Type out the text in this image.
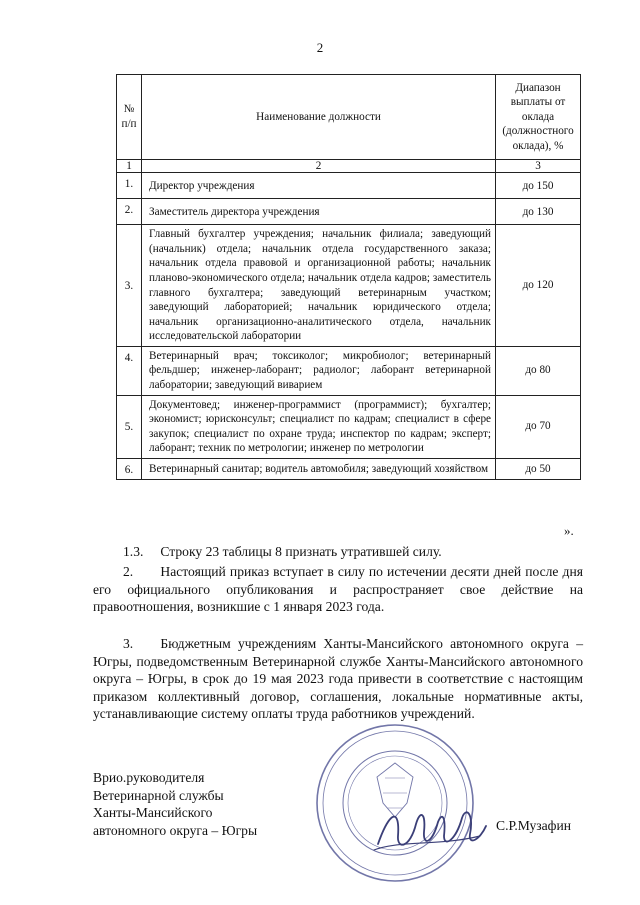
2
№ п/п	Наименование должности	Диапазон выплаты от оклада (должностного оклада), %
1	2	3
1.	Директор учреждения	до 150
2.	Заместитель директора учреждения	до 130
3.	Главный бухгалтер учреждения; начальник филиала; заведующий (начальник) отдела; начальник отдела государственного заказа; начальник отдела правовой и организационной работы; начальник планово-экономического отдела; начальник отдела кадров; заместитель главного бухгалтера; заведующий ветеринарным участком; заведующий лабораторией; начальник юридического отдела; начальник организационно-аналитического отдела, начальник исследовательской лаборатории	до 120
4.	Ветеринарный врач; токсиколог; микробиолог; ветеринарный фельдшер; инженер-лаборант; радиолог; лаборант ветеринарной лаборатории; заведующий виварием	до 80
5.	Документовед; инженер-программист (программист); бухгалтер; экономист; юрисконсульт; специалист по кадрам; специалист в сфере закупок; специалист по охране труда; инспектор по кадрам; эксперт; лаборант; техник по метрологии; инженер по метрологии	до 70
6.	Ветеринарный санитар; водитель автомобиля; заведующий хозяйством	до 50
».
1.3. Строку 23 таблицы 8 признать утратившей силу.
2.  Настоящий приказ вступает в силу по истечении десяти дней после дня его официального опубликования и распространяет свое действие на правоотношения, возникшие с 1 января 2023 года.
3.  Бюджетным учреждениям Ханты-Мансийского автономного округа – Югры, подведомственным Ветеринарной службе Ханты-Мансийского автономного округа – Югры, в срок до 19 мая 2023 года привести в соответствие с настоящим приказом коллективный договор, соглашения, локальные нормативные акты, устанавливающие систему оплаты труда работников учреждений.
Врио.руководителя
Ветеринарной службы
Ханты-Мансийского
автономного округа – Югры	С.Р.Музафин
